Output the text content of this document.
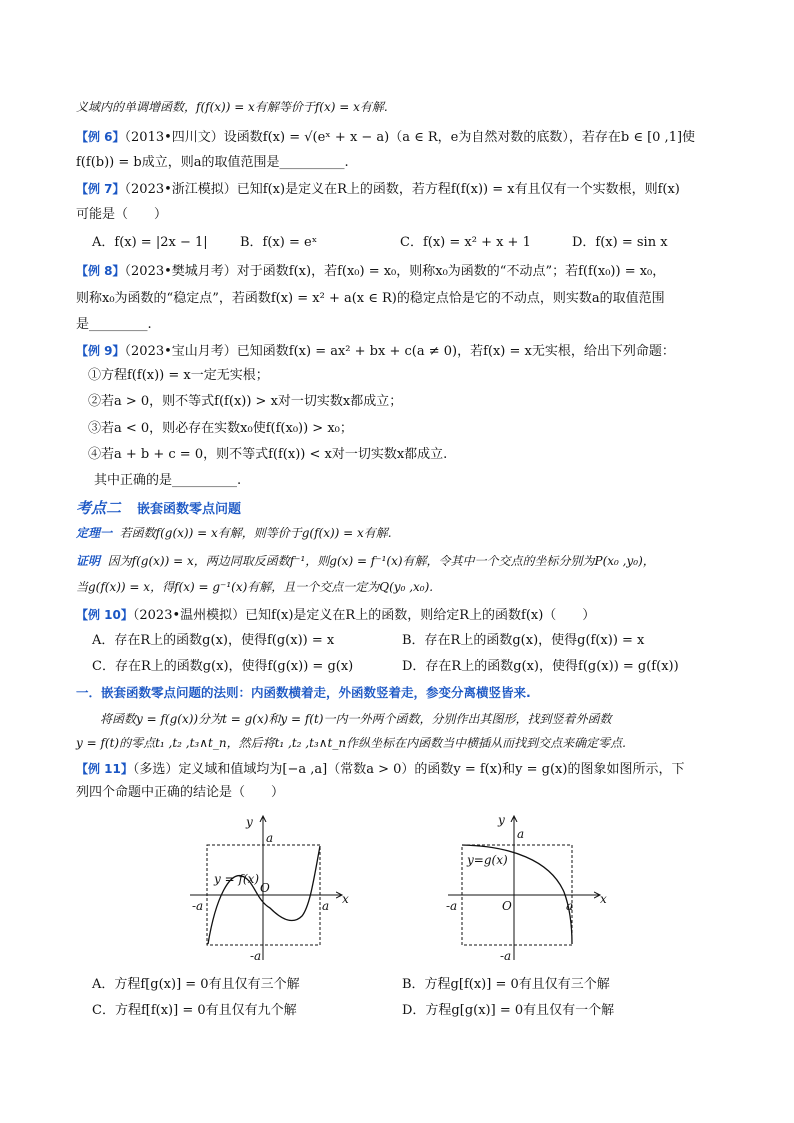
义域内的单调增函数，f(f(x)) = x有解等价于f(x) = x有解.
【例 6】（2013•四川文）设函数f(x) = √(eˣ + x − a)（a ∈ R，e为自然对数的底数），若存在b ∈ [0 ,1]使
f(f(b)) = b成立，则a的取值范围是__________.
【例 7】（2023•浙江模拟）已知f(x)是定义在R上的函数，若方程f(f(x)) = x有且仅有一个实数根，则f(x)
可能是（　　）
A．f(x) = |2x − 1| B．f(x) = eˣ	C．f(x) = x² + x + 1	D．f(x) = sin x
【例 8】（2023•樊城月考）对于函数f(x)，若f(x₀) = x₀，则称x₀为函数的“不动点”；若f(f(x₀)) = x₀，
则称x₀为函数的“稳定点”，若函数f(x) = x² + a(x ∈ R)的稳定点恰是它的不动点，则实数a的取值范围
是_________.
【例 9】（2023•宝山月考）已知函数f(x) = ax² + bx + c(a ≠ 0)，若f(x) = x无实根，给出下列命题：
①方程f(f(x)) = x一定无实根；
②若a > 0，则不等式f(f(x)) > x对一切实数x都成立；
③若a < 0，则必存在实数x₀使f(f(x₀)) > x₀；
④若a + b + c = 0，则不等式f(f(x)) < x对一切实数x都成立.
其中正确的是__________.
考点二 嵌套函数零点问题
定理一 若函数f(g(x)) = x有解，则等价于g(f(x)) = x有解.
证明 因为f(g(x)) = x，两边同取反函数f⁻¹，则g(x) = f⁻¹(x)有解，令其中一个交点的坐标分别为P(x₀ ,y₀)，
当g(f(x)) = x，得f(x) = g⁻¹(x)有解，且一个交点一定为Q(y₀ ,x₀).
【例 10】（2023•温州模拟）已知f(x)是定义在R上的函数，则给定R上的函数f(x)（　　）
A．存在R上的函数g(x)，使得f(g(x)) = x	B．存在R上的函数g(x)，使得g(f(x)) = x
C．存在R上的函数g(x)，使得f(g(x)) = g(x)	D．存在R上的函数g(x)，使得f(g(x)) = g(f(x))
一．嵌套函数零点问题的法则：内函数横着走，外函数竖着走，参变分离横竖皆来.
将函数y = f(g(x))分为t = g(x)和y = f(t)一内一外两个函数，分别作出其图形，找到竖着外函数
y = f(t)的零点t₁ ,t₂ ,t₃∧t_n，然后将t₁ ,t₂ ,t₃∧t_n作纵坐标在内函数当中横插从而找到交点来确定零点.
【例 11】（多选）定义域和值域均为[−a ,a]（常数a > 0）的函数y = f(x)和y = g(x)的图象如图所示，下
列四个命题中正确的结论是（　　）
y
x
a
-a
-a	a
O
y = f(x)
y
x
a
-a
-a	a
O
y=g(x)
A．方程f[g(x)] = 0有且仅有三个解	B．方程g[f(x)] = 0有且仅有三个解
C．方程f[f(x)] = 0有且仅有九个解	D．方程g[g(x)] = 0有且仅有一个解
